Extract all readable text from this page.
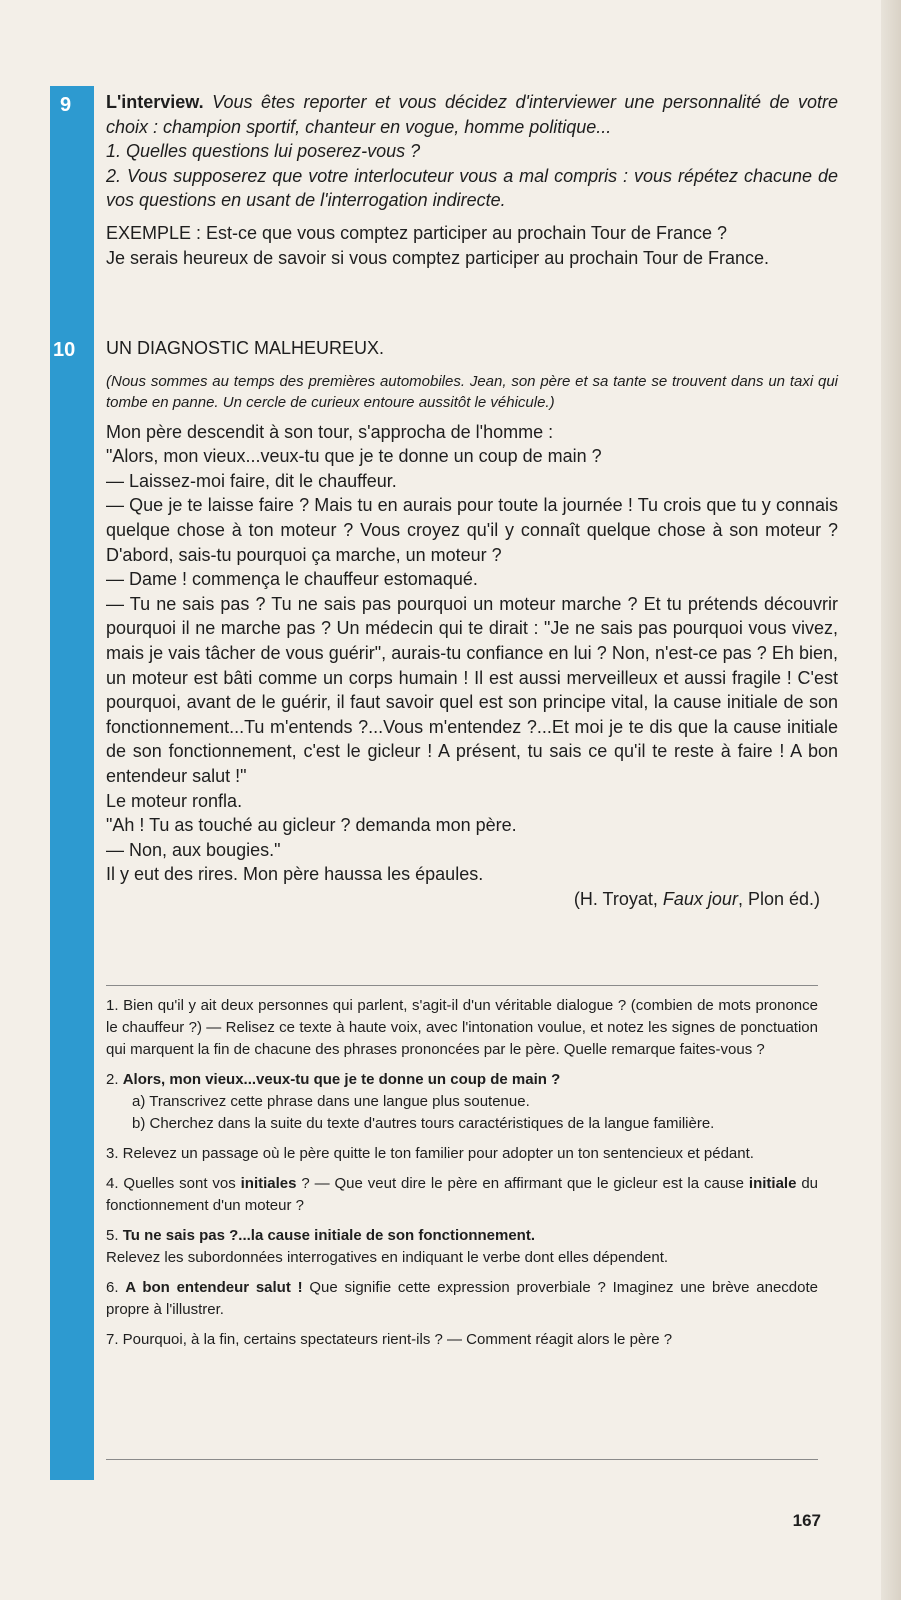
9
10

L'interview. Vous êtes reporter et vous décidez d'interviewer une personnalité de votre choix : champion sportif, chanteur en vogue, homme politique...

1. Quelles questions lui poserez-vous ?

2. Vous supposerez que votre interlocuteur vous a mal compris : vous répétez chacune de vos questions en usant de l'interrogation indirecte.

EXEMPLE : Est-ce que vous comptez participer au prochain Tour de France ?

Je serais heureux de savoir si vous comptez participer au prochain Tour de France.

UN DIAGNOSTIC MALHEUREUX.

(Nous sommes au temps des premières automobiles. Jean, son père et sa tante se trouvent dans un taxi qui tombe en panne. Un cercle de curieux entoure aussitôt le véhicule.)

Mon père descendit à son tour, s'approcha de l'homme :

"Alors, mon vieux...veux-tu que je te donne un coup de main ?

— Laissez-moi faire, dit le chauffeur.

— Que je te laisse faire ? Mais tu en aurais pour toute la journée ! Tu crois que tu y connais quelque chose à ton moteur ? Vous croyez qu'il y connaît quelque chose à son moteur ? D'abord, sais-tu pourquoi ça marche, un moteur ?

— Dame ! commença le chauffeur estomaqué.

— Tu ne sais pas ? Tu ne sais pas pourquoi un moteur marche ? Et tu prétends découvrir pourquoi il ne marche pas ? Un médecin qui te dirait : "Je ne sais pas pourquoi vous vivez, mais je vais tâcher de vous guérir", aurais-tu confiance en lui ? Non, n'est-ce pas ? Eh bien, un moteur est bâti comme un corps humain ! Il est aussi merveilleux et aussi fragile ! C'est pourquoi, avant de le guérir, il faut savoir quel est son principe vital, la cause initiale de son fonctionnement...Tu m'entends ?...Vous m'entendez ?...Et moi je te dis que la cause initiale de son fonctionnement, c'est le gicleur ! A présent, tu sais ce qu'il te reste à faire ! A bon entendeur salut !"

Le moteur ronfla.

"Ah ! Tu as touché au gicleur ? demanda mon père.

— Non, aux bougies."

Il y eut des rires. Mon père haussa les épaules.

(H. Troyat, Faux jour, Plon éd.)

1. Bien qu'il y ait deux personnes qui parlent, s'agit-il d'un véritable dialogue ? (combien de mots prononce le chauffeur ?) — Relisez ce texte à haute voix, avec l'intonation voulue, et notez les signes de ponctuation qui marquent la fin de chacune des phrases prononcées par le père. Quelle remarque faites-vous ?

2. Alors, mon vieux...veux-tu que je te donne un coup de main ?

a) Transcrivez cette phrase dans une langue plus soutenue.

b) Cherchez dans la suite du texte d'autres tours caractéristiques de la langue familière.

3. Relevez un passage où le père quitte le ton familier pour adopter un ton sentencieux et pédant.

4. Quelles sont vos initiales ? — Que veut dire le père en affirmant que le gicleur est la cause initiale du fonctionnement d'un moteur ?

5. Tu ne sais pas ?...la cause initiale de son fonctionnement.

Relevez les subordonnées interrogatives en indiquant le verbe dont elles dépendent.

6. A bon entendeur salut ! Que signifie cette expression proverbiale ? Imaginez une brève anecdote propre à l'illustrer.

7. Pourquoi, à la fin, certains spectateurs rient-ils ? — Comment réagit alors le père ?

167
